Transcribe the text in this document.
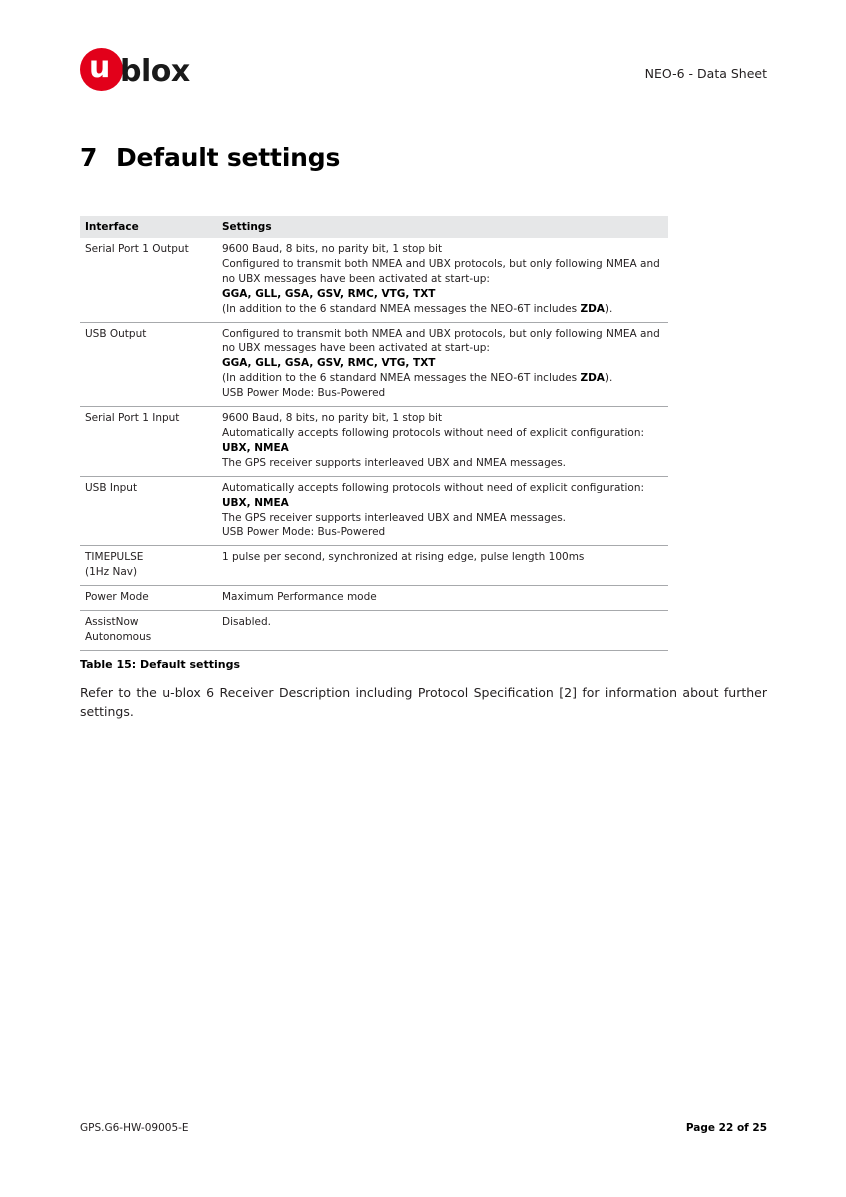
u blox	NEO-6 - Data Sheet
7 Default settings
Interface	Settings
Serial Port 1 Output	9600 Baud, 8 bits, no parity bit, 1 stop bit
Configured to transmit both NMEA and UBX protocols, but only following NMEA and no UBX messages have been activated at start-up:
GGA, GLL, GSA, GSV, RMC, VTG, TXT
(In addition to the 6 standard NMEA messages the NEO-6T includes ZDA).

USB Output	Configured to transmit both NMEA and UBX protocols, but only following NMEA and no UBX messages have been activated at start-up:
GGA, GLL, GSA, GSV, RMC, VTG, TXT
(In addition to the 6 standard NMEA messages the NEO-6T includes ZDA).
USB Power Mode: Bus-Powered

Serial Port 1 Input	9600 Baud, 8 bits, no parity bit, 1 stop bit
Automatically accepts following protocols without need of explicit configuration:
UBX, NMEA
The GPS receiver supports interleaved UBX and NMEA messages.

USB Input	Automatically accepts following protocols without need of explicit configuration:
UBX, NMEA
The GPS receiver supports interleaved UBX and NMEA messages.
USB Power Mode: Bus-Powered

TIMEPULSE
(1Hz Nav)	1 pulse per second, synchronized at rising edge, pulse length 100ms

Power Mode	Maximum Performance mode

AssistNow
Autonomous	Disabled.
Table 15: Default settings
Refer to the u-blox 6 Receiver Description including Protocol Specification [2] for information about further settings.
GPS.G6-HW-09005-E	Page 22 of 25
